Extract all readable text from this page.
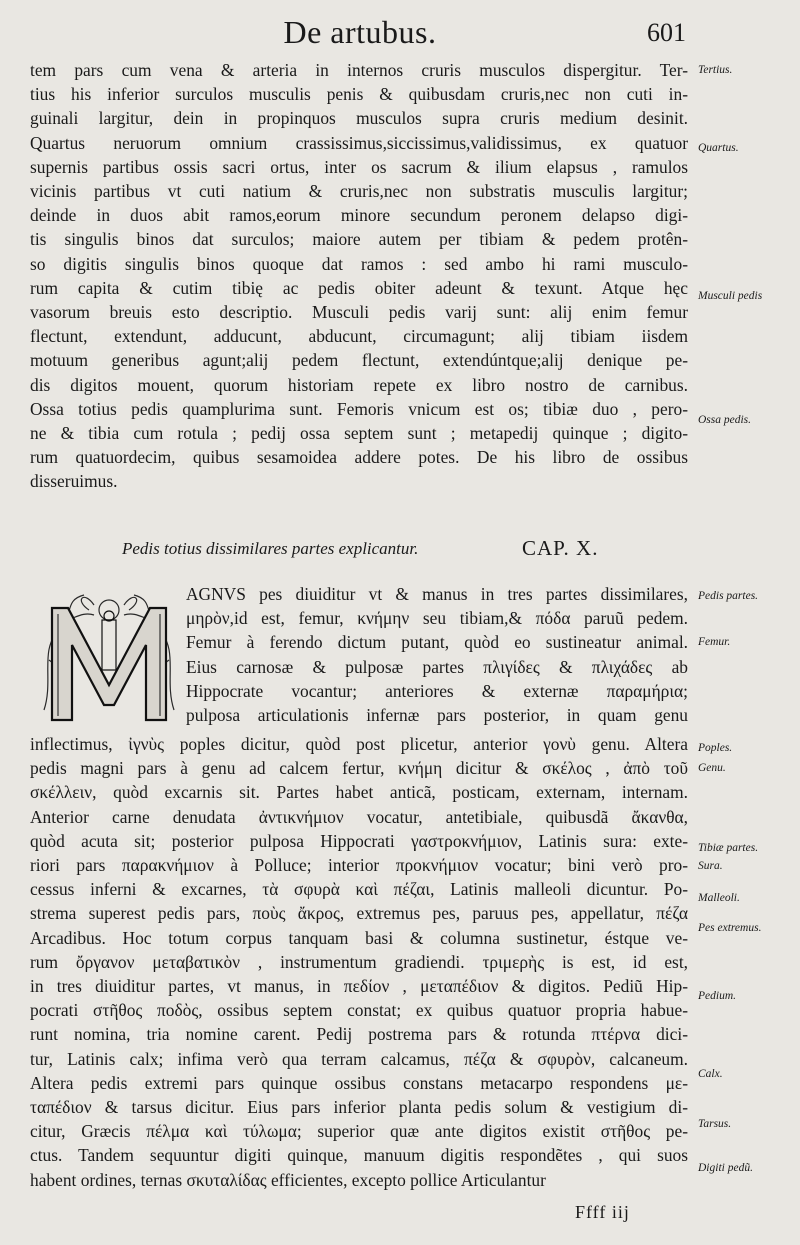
De artubus.	601
tem pars cum vena & arteria in internos cruris musculos dispergitur. Ter-
tius his inferior surculos musculis penis & quibusdam cruris,nec non cuti in-
guinali largitur, dein in propinquos musculos supra cruris medium desinit.
Quartus neruorum omnium crassissimus,siccissimus,validissimus, ex quatuor
supernis partibus ossis sacri ortus, inter os sacrum & ilium elapsus , ramulos
vicinis partibus vt cuti natium & cruris,nec non substratis musculis largitur;
deinde in duos abit ramos,eorum minore secundum peronem delapso digi-
tis singulis binos dat surculos; maiore autem per tibiam & pedem protên-
so digitis singulis binos quoque dat ramos : sed ambo hi rami musculo-
rum capita & cutim tibię ac pedis obiter adeunt & texunt. Atque hęc
vasorum breuis esto descriptio. Musculi pedis varij sunt: alij enim femur
flectunt, extendunt, adducunt, abducunt, circumagunt; alij tibiam iisdem
motuum generibus agunt;alij pedem flectunt, extendúntque;alij denique pe-
dis digitos mouent, quorum historiam repete ex libro nostro de carnibus.
Ossa totius pedis quamplurima sunt. Femoris vnicum est os; tibiæ duo , pero-
ne & tibia cum rotula ; pedij ossa septem sunt ; metapedij quinque ; digito-
rum quatuordecim, quibus sesamoidea addere potes. De his libro de ossibus
disseruimus.
Pedis totius dissimilares partes explicantur.	CAP. X.
AGNVS pes diuiditur vt & manus in tres partes dissimilares,
μηρὸν,id est, femur, κνήμην seu tibiam,& πόδα paruũ pedem.
Femur à ferendo dictum putant, quòd eo sustineatur animal.
Eius carnosæ & pulposæ partes πλιγίδες & πλιχάδες ab
Hippocrate vocantur; anteriores & externæ παραμήρια;
pulposa articulationis infernæ pars posterior, in quam genu
inflectimus, ἰγνὺς poples dicitur, quòd post plicetur, anterior γονὺ genu. Altera
pedis magni pars à genu ad calcem fertur, κνήμη dicitur & σκέλος , ἀπὸ τοῦ
σκέλλειν, quòd excarnis sit. Partes habet anticã, posticam, externam, internam.
Anterior carne denudata ἀντικνήμιον vocatur, antetibiale, quibusdã ἄκανθα,
quòd acuta sit; posterior pulposa Hippocrati γαστροκνήμιον, Latinis sura: exte-
riori pars παρακνήμιον à Polluce; interior προκνήμιον vocatur; bini verò pro-
cessus inferni & excarnes, τὰ σφυρὰ καὶ πέζαι, Latinis malleoli dicuntur. Po-
strema superest pedis pars, ποὺς ἄκρος, extremus pes, paruus pes, appellatur, πέζα
Arcadibus. Hoc totum corpus tanquam basi & columna sustinetur, éstque ve-
rum ὄργανον μεταβατικὸν , instrumentum gradiendi. τριμερὴς is est, id est,
in tres diuiditur partes, vt manus, in πεδίον , μεταπέδιον & digitos. Pediũ Hip-
pocrati στῆθος ποδὸς, ossibus septem constat; ex quibus quatuor propria habue-
runt nomina, tria nomine carent. Pedij postrema pars & rotunda πτέρνα dici-
tur, Latinis calx; infima verò qua terram calcamus, πέζα & σφυρὸν, calcaneum.
Altera pedis extremi pars quinque ossibus constans metacarpo respondens με-
ταπέδιον & tarsus dicitur. Eius pars inferior planta pedis solum & vestigium di-
citur, Græcis πέλμα καὶ τύλωμα; superior quæ ante digitos existit στῆθος pe-
ctus. Tandem sequuntur digiti quinque, manuum digitis respondẽtes , qui suos
habent ordines, ternas σκυταλίδας efficientes, excepto pollice Articulantur
Tertius.
Quartus.
Musculi pedis
Ossa pedis.
Pedis partes.
Femur.
Poples.
Genu.
Tibiæ partes.
Sura.
Malleoli.
Pes extremus.
Pedium.
Calx.
Tarsus.
Digiti pedũ.
Ffff iij
